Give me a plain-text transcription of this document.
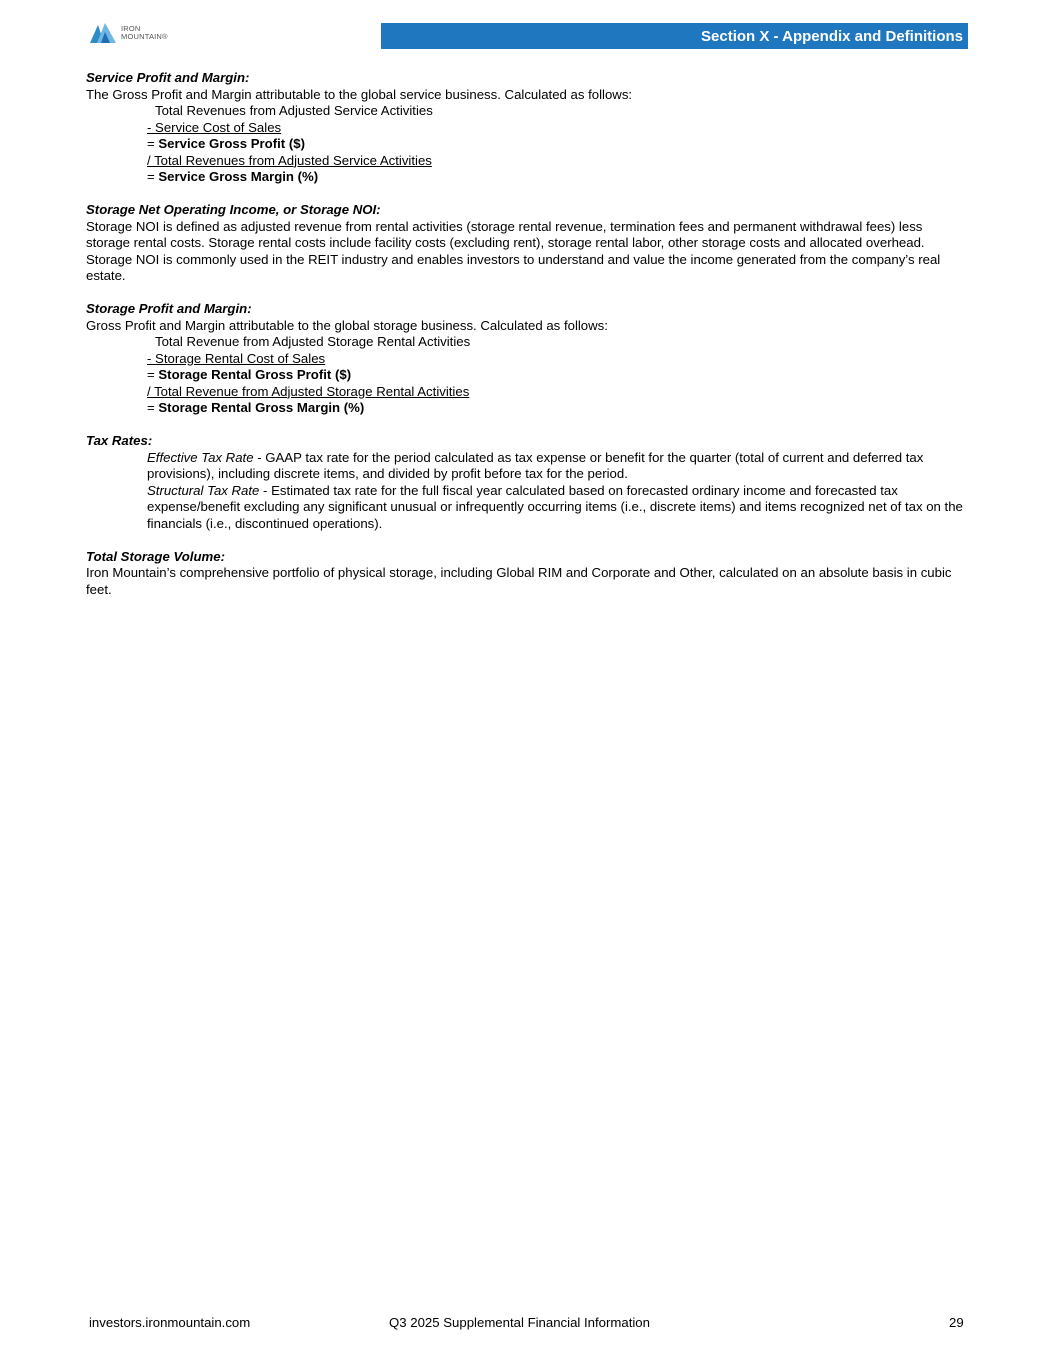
IRON
MOUNTAIN®	Section X - Appendix and Definitions
Service Profit and Margin:
The Gross Profit and Margin attributable to the global service business. Calculated as follows:
Total Revenues from Adjusted Service Activities
- Service Cost of Sales
= Service Gross Profit ($)
/ Total Revenues from Adjusted Service Activities
= Service Gross Margin (%)
Storage Net Operating Income, or Storage NOI:
Storage NOI is defined as adjusted revenue from rental activities (storage rental revenue, termination fees and permanent withdrawal fees) less storage rental costs. Storage rental costs include facility costs (excluding rent), storage rental labor, other storage costs and allocated overhead. Storage NOI is commonly used in the REIT industry and enables investors to understand and value the income generated from the company’s real estate.
Storage Profit and Margin:
Gross Profit and Margin attributable to the global storage business. Calculated as follows:
Total Revenue from Adjusted Storage Rental Activities
- Storage Rental Cost of Sales
= Storage Rental Gross Profit ($)
/ Total Revenue from Adjusted Storage Rental Activities
= Storage Rental Gross Margin (%)
Tax Rates:
Effective Tax Rate - GAAP tax rate for the period calculated as tax expense or benefit for the quarter (total of current and deferred tax provisions), including discrete items, and divided by profit before tax for the period.
Structural Tax Rate - Estimated tax rate for the full fiscal year calculated based on forecasted ordinary income and forecasted tax expense/benefit excluding any significant unusual or infrequently occurring items (i.e., discrete items) and items recognized net of tax on the financials (i.e., discontinued operations).
Total Storage Volume:
Iron Mountain’s comprehensive portfolio of physical storage, including Global RIM and Corporate and Other, calculated on an absolute basis in cubic feet.
investors.ironmountain.com	Q3 2025 Supplemental Financial Information	29
